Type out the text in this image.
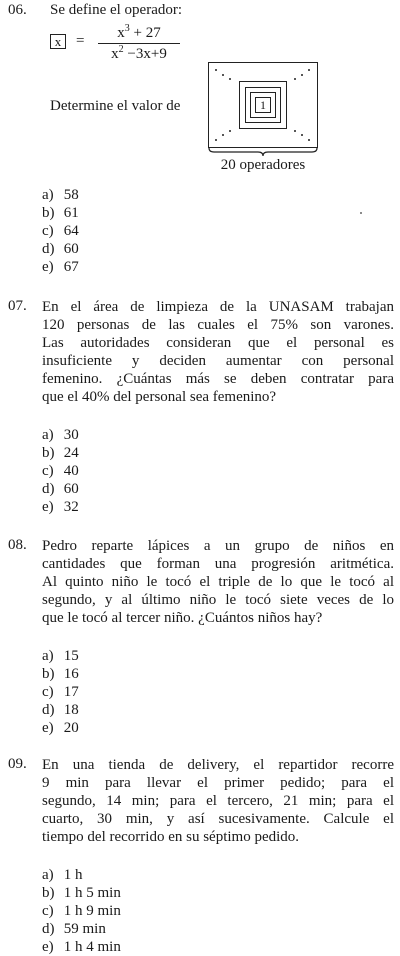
06. Se define el operador:
x =	$x^3 + 27$
$x^2 -3x+9$
Determine el valor de
a) 58
b) 61
c) 64
d) 60
e) 67
1
20 operadores
07. En el área de limpieza de la UNASAM trabajan
120 personas de las cuales el 75% son varones.
Las autoridades consideran que el personal es
insuficiente y deciden aumentar con personal
femenino. ¿Cuántas más se deben contratar para
que el 40% del personal sea femenino?
a) 30
b) 24
c) 40
d) 60
e) 32
08. Pedro reparte lápices a un grupo de niños en
cantidades que forman una progresión aritmética.
Al quinto niño le tocó el triple de lo que le tocó al
segundo, y al último niño le tocó siete veces de lo
que le tocó al tercer niño. ¿Cuántos niños hay?
a) 15
b) 16
c) 17
d) 18
e) 20
09. En una tienda de delivery, el repartidor recorre
9 min para llevar el primer pedido; para el
segundo, 14 min; para el tercero, 21 min; para el
cuarto, 30 min, y así sucesivamente. Calcule el
tiempo del recorrido en su séptimo pedido.
a) 1 h
b) 1 h 5 min
c) 1 h 9 min
d) 59 min
e) 1 h 4 min
